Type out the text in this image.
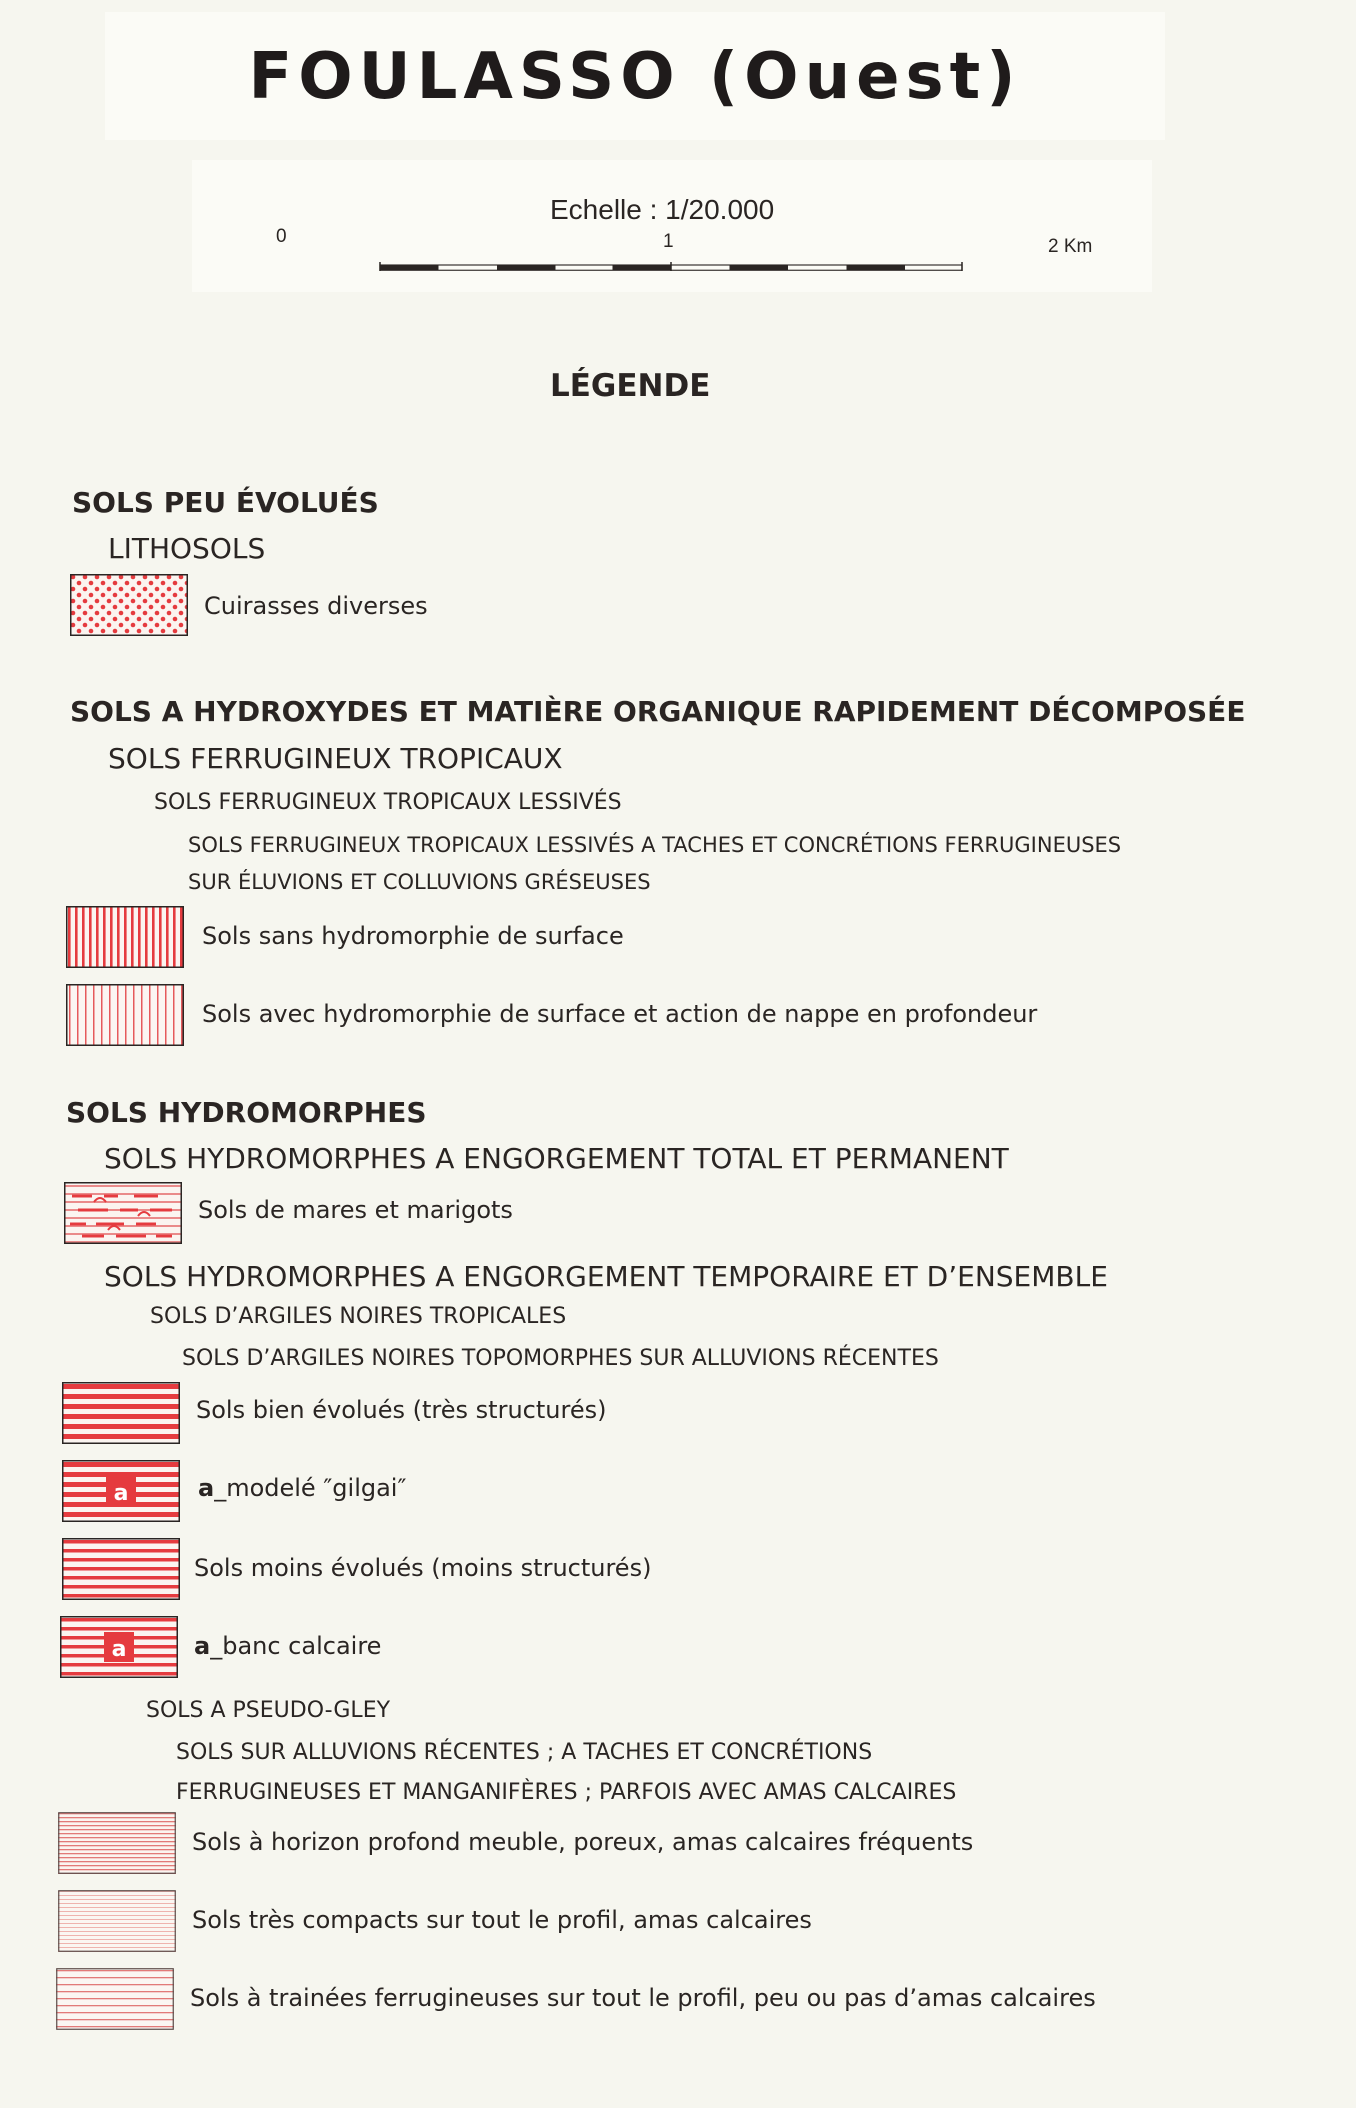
FOULASSO (Ouest)
Echelle : 1/20.000
0	1	2 Km
LÉGENDE
SOLS PEU ÉVOLUÉS
LITHOSOLS
Cuirasses diverses
SOLS A HYDROXYDES ET MATIÈRE ORGANIQUE RAPIDEMENT DÉCOMPOSÉE
SOLS FERRUGINEUX TROPICAUX
SOLS FERRUGINEUX TROPICAUX LESSIVÉS
SOLS FERRUGINEUX TROPICAUX LESSIVÉS A TACHES ET CONCRÉTIONS FERRUGINEUSES
SUR ÉLUVIONS ET COLLUVIONS GRÉSEUSES
Sols sans hydromorphie de surface
Sols avec hydromorphie de surface et action de nappe en profondeur
SOLS HYDROMORPHES
SOLS HYDROMORPHES A ENGORGEMENT TOTAL ET PERMANENT
Sols de mares et marigots
SOLS HYDROMORPHES A ENGORGEMENT TEMPORAIRE ET D’ENSEMBLE
SOLS D’ARGILES NOIRES TROPICALES
SOLS D’ARGILES NOIRES TOPOMORPHES SUR ALLUVIONS RÉCENTES
Sols bien évolués (très structurés)
a	a_modelé ″gilgai″
Sols moins évolués (moins structurés)
a	a_banc calcaire
SOLS A PSEUDO-GLEY
SOLS SUR ALLUVIONS RÉCENTES ; A TACHES ET CONCRÉTIONS
FERRUGINEUSES ET MANGANIFÈRES ; PARFOIS AVEC AMAS CALCAIRES
Sols à horizon profond meuble, poreux, amas calcaires fréquents
Sols très compacts sur tout le profil, amas calcaires
Sols à trainées ferrugineuses sur tout le profil, peu ou pas d’amas calcaires
